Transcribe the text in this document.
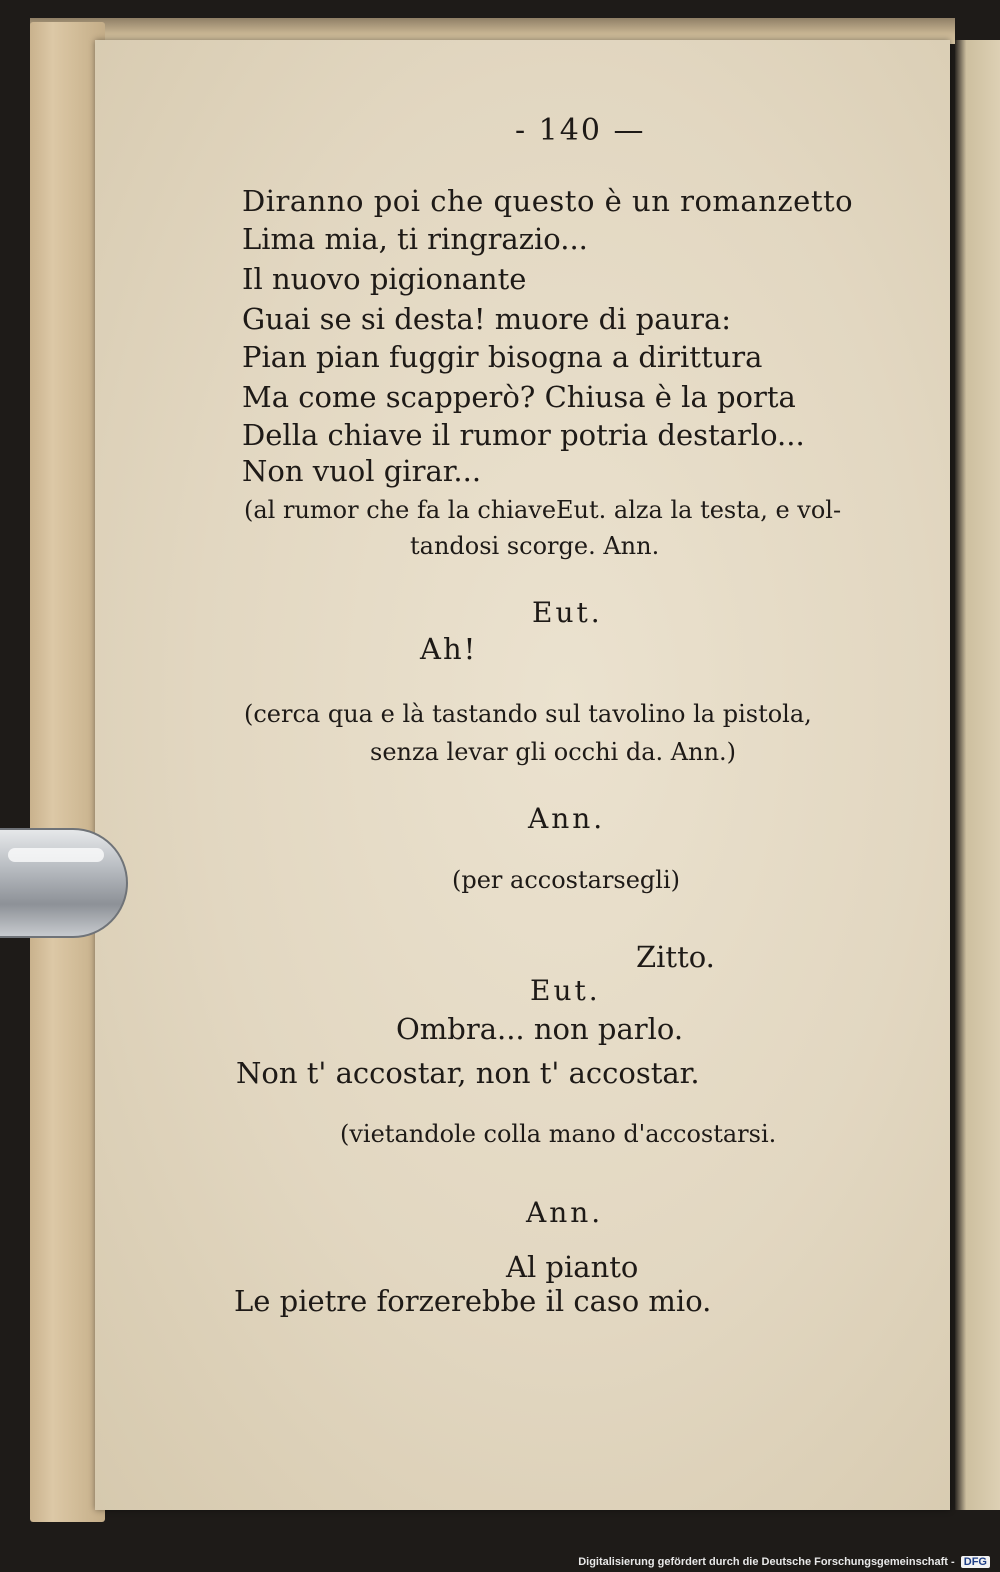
- 140 —
Diranno poi che questo è un romanzetto
Lima mia, ti ringrazio...
Il nuovo pigionante
Guai se si desta! muore di paura:
Pian pian fuggir bisogna a dirittura
Ma come scapperò? Chiusa è la porta
Della chiave il rumor potria destarlo...
Non vuol girar...
(al rumor che fa la chiaveEut. alza la testa, e vol-
tandosi scorge. Ann.
Eut.
Ah!
(cerca qua e là tastando sul tavolino la pistola,
senza levar gli occhi da. Ann.)
Ann.
(per accostarsegli)
Zitto.
Eut.
Ombra... non parlo.
Non t' accostar, non t' accostar.
(vietandole colla mano d'accostarsi.
Ann.
Al pianto
Le pietre forzerebbe il caso mio.
Digitalisierung gefördert durch die Deutsche Forschungsgemeinschaft - DFG
